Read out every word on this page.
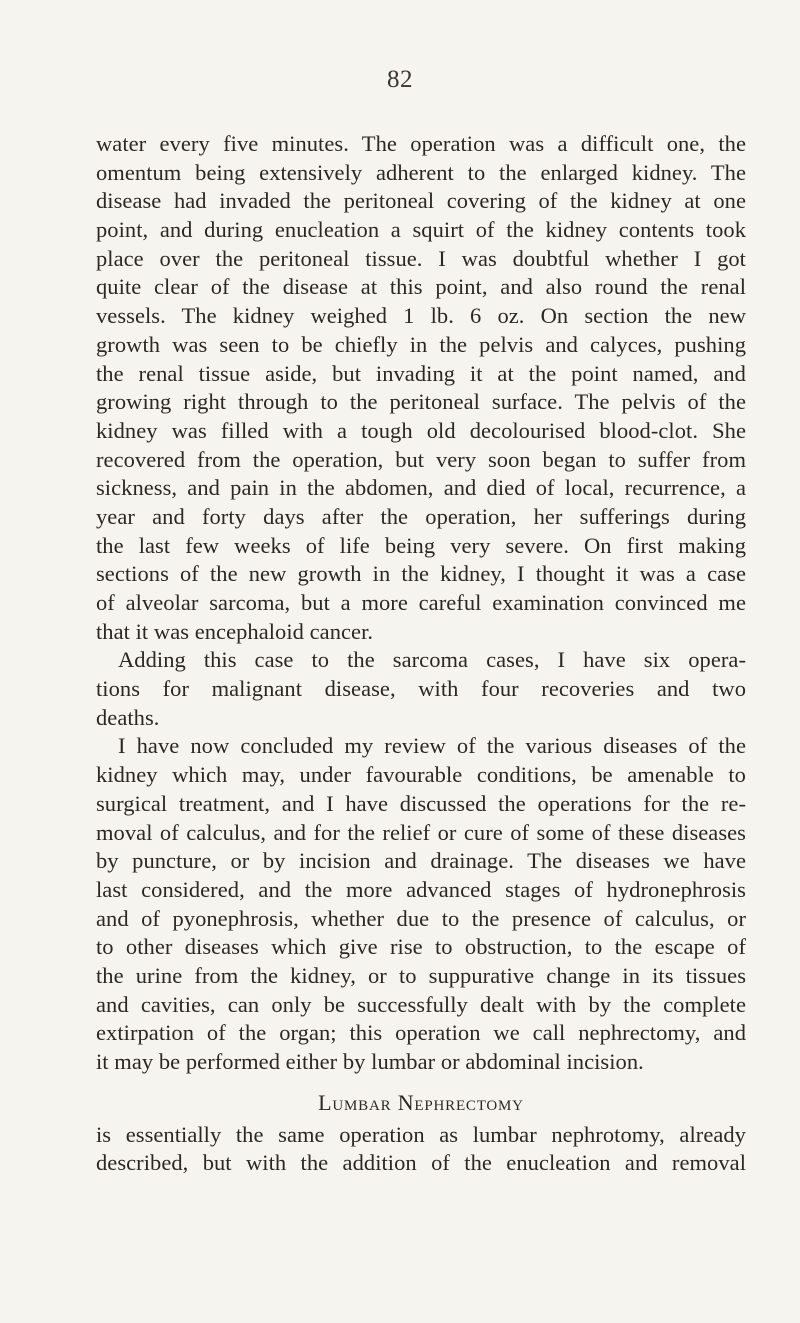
82
water every five minutes. The operation was a difficult one, the
omentum being extensively adherent to the enlarged kidney. The
disease had invaded the peritoneal covering of the kidney at one
point, and during enucleation a squirt of the kidney contents took
place over the peritoneal tissue. I was doubtful whether I got
quite clear of the disease at this point, and also round the renal
vessels. The kidney weighed 1 lb. 6 oz. On section the new
growth was seen to be chiefly in the pelvis and calyces, pushing
the renal tissue aside, but invading it at the point named, and
growing right through to the peritoneal surface. The pelvis of the
kidney was filled with a tough old decolourised blood-clot. She
recovered from the operation, but very soon began to suffer from
sickness, and pain in the abdomen, and died of local, recurrence, a
year and forty days after the operation, her sufferings during
the last few weeks of life being very severe. On first making
sections of the new growth in the kidney, I thought it was a case
of alveolar sarcoma, but a more careful examination convinced me
that it was encephaloid cancer.
Adding this case to the sarcoma cases, I have six opera-
tions for malignant disease, with four recoveries and two
deaths.
I have now concluded my review of the various diseases of the
kidney which may, under favourable conditions, be amenable to
surgical treatment, and I have discussed the operations for the re-
moval of calculus, and for the relief or cure of some of these diseases
by puncture, or by incision and drainage. The diseases we have
last considered, and the more advanced stages of hydronephrosis
and of pyonephrosis, whether due to the presence of calculus, or
to other diseases which give rise to obstruction, to the escape of
the urine from the kidney, or to suppurative change in its tissues
and cavities, can only be successfully dealt with by the complete
extirpation of the organ; this operation we call nephrectomy, and
it may be performed either by lumbar or abdominal incision.
Lumbar Nephrectomy
is essentially the same operation as lumbar nephrotomy, already
described, but with the addition of the enucleation and removal
